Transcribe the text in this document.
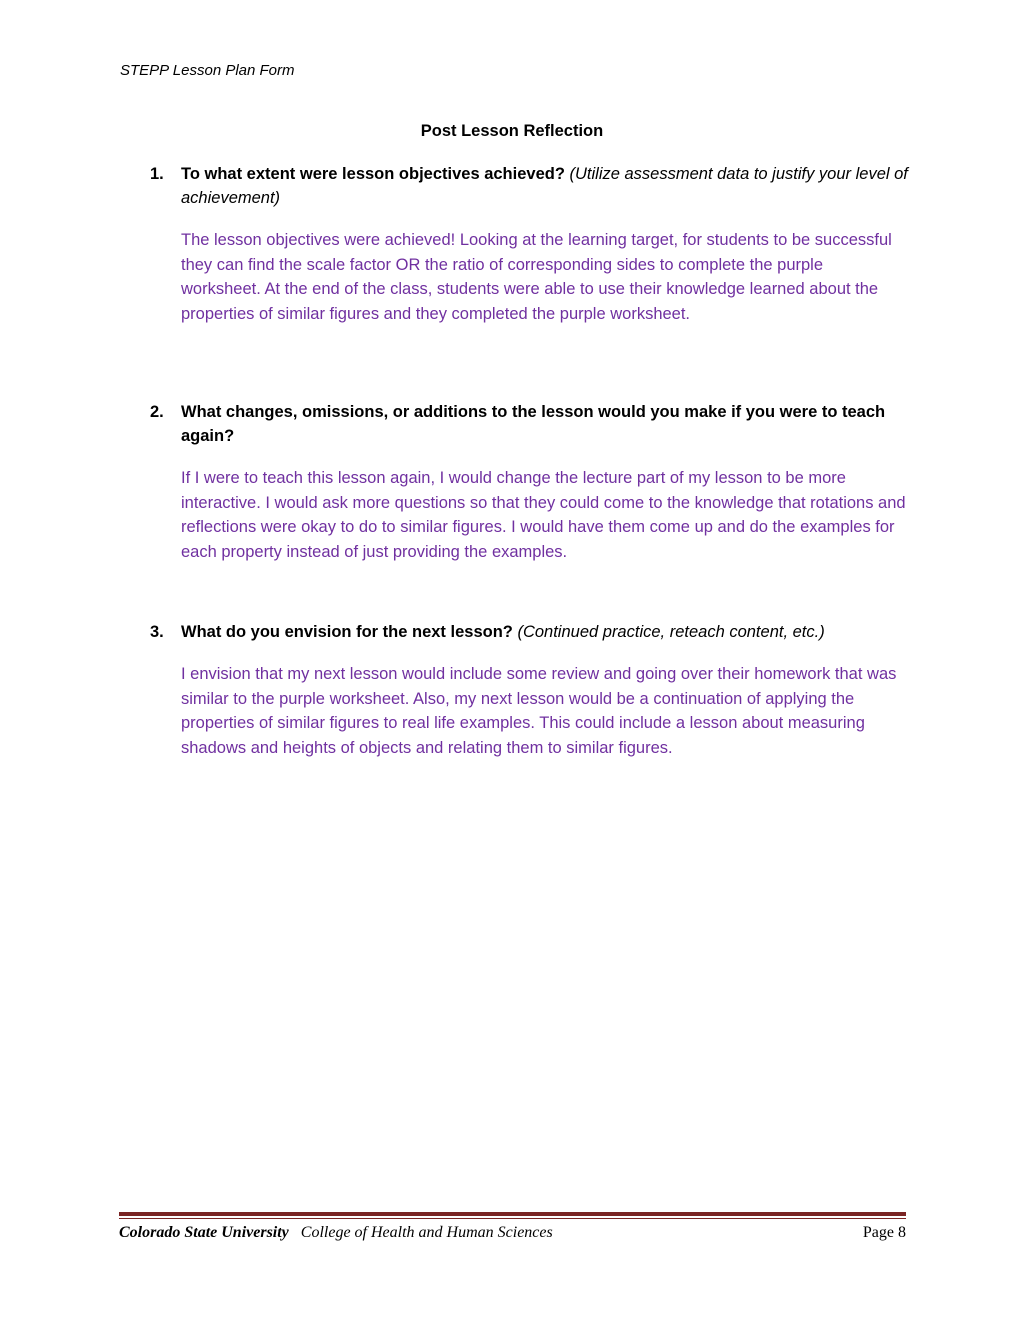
STEPP Lesson Plan Form
Post Lesson Reflection
1.	To what extent were lesson objectives achieved? (Utilize assessment data to justify your level of achievement)
The lesson objectives were achieved! Looking at the learning target, for students to be successful they can find the scale factor OR the ratio of corresponding sides to complete the purple worksheet. At the end of the class, students were able to use their knowledge learned about the properties of similar figures and they completed the purple worksheet.
2.	What changes, omissions, or additions to the lesson would you make if you were to teach again?
If I were to teach this lesson again, I would change the lecture part of my lesson to be more interactive. I would ask more questions so that they could come to the knowledge that rotations and reflections were okay to do to similar figures. I would have them come up and do the examples for each property instead of just providing the examples.
3.	What do you envision for the next lesson? (Continued practice, reteach content, etc.)
I envision that my next lesson would include some review and going over their homework that was similar to the purple worksheet. Also, my next lesson would be a continuation of applying the properties of similar figures to real life examples. This could include a lesson about measuring shadows and heights of objects and relating them to similar figures.
Colorado State University College of Health and Human Sciences	Page 8
